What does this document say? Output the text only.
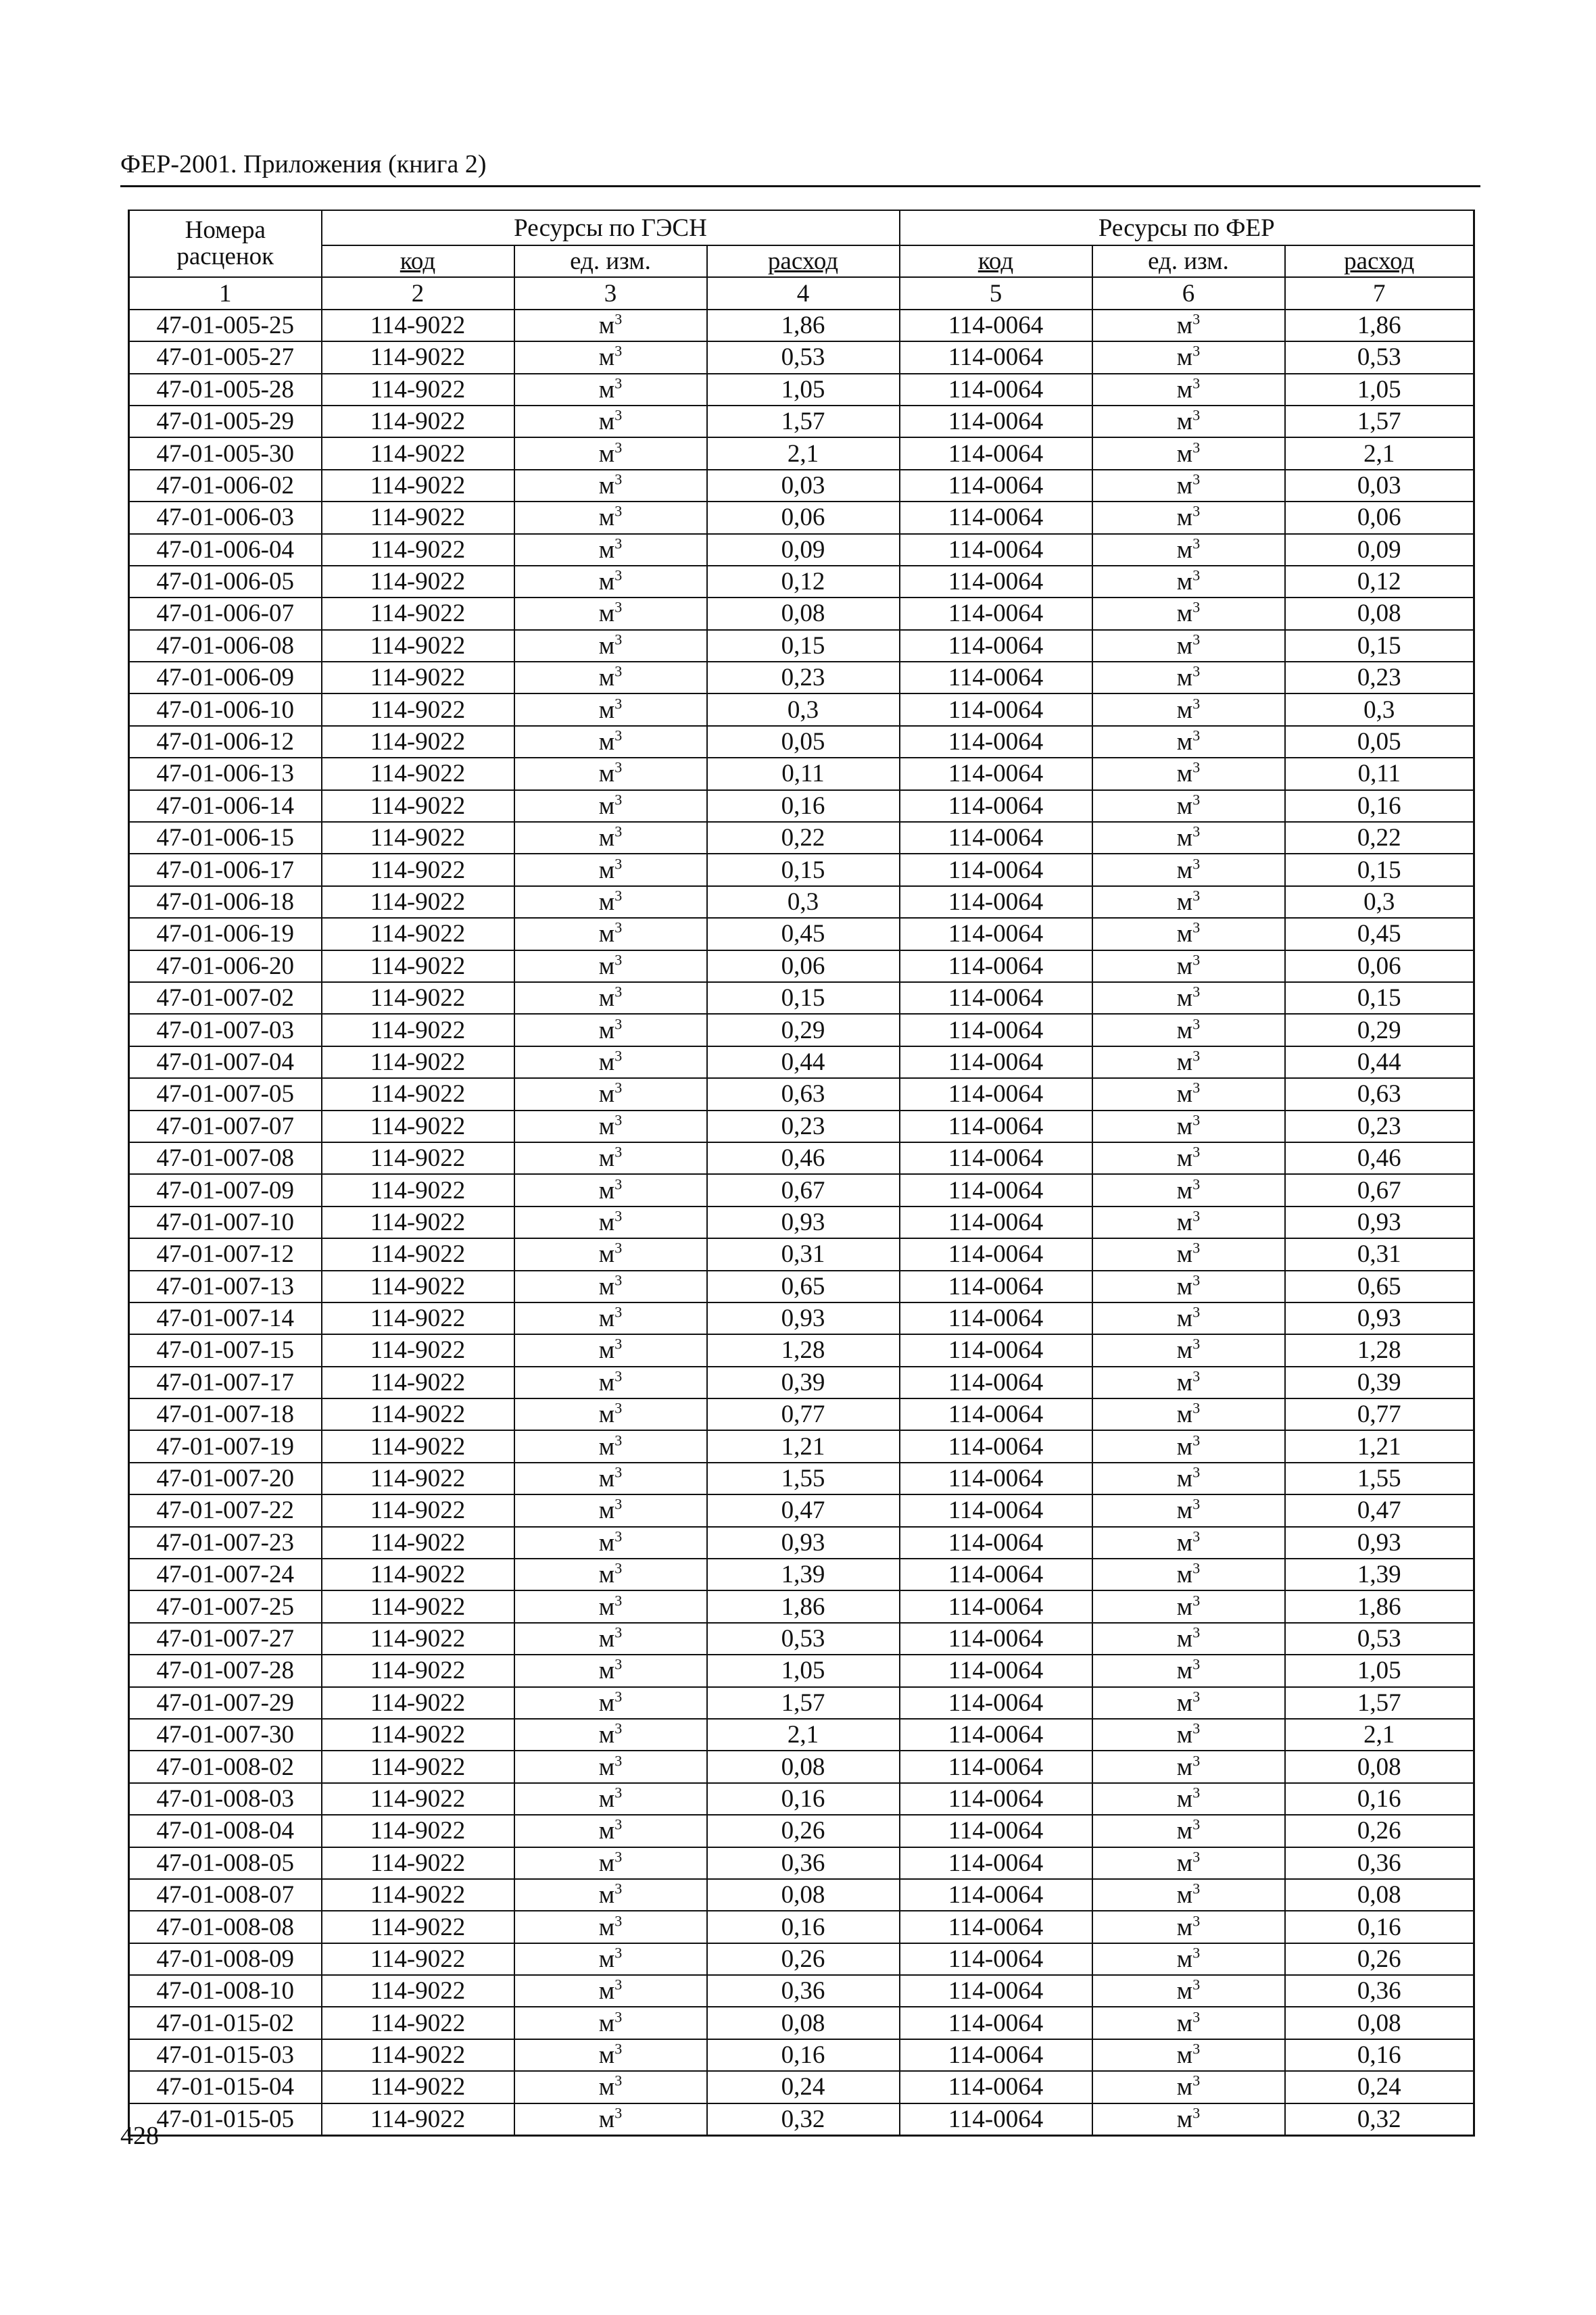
ФЕР-2001. Приложения (книга 2)
Номера расценок	Ресурсы по ГЭСН			Ресурсы по ФЕР		
	код	ед. изм.	расход	код	ед. изм.	расход
1	2	3	4	5	6	7
47-01-005-25	114-9022	$м^3$	1,86	114-0064	$м^3$	1,86
47-01-005-27	114-9022	$м^3$	0,53	114-0064	$м^3$	0,53
47-01-005-28	114-9022	$м^3$	1,05	114-0064	$м^3$	1,05
47-01-005-29	114-9022	$м^3$	1,57	114-0064	$м^3$	1,57
47-01-005-30	114-9022	$м^3$	2,1	114-0064	$м^3$	2,1
47-01-006-02	114-9022	$м^3$	0,03	114-0064	$м^3$	0,03
47-01-006-03	114-9022	$м^3$	0,06	114-0064	$м^3$	0,06
47-01-006-04	114-9022	$м^3$	0,09	114-0064	$м^3$	0,09
47-01-006-05	114-9022	$м^3$	0,12	114-0064	$м^3$	0,12
47-01-006-07	114-9022	$м^3$	0,08	114-0064	$м^3$	0,08
47-01-006-08	114-9022	$м^3$	0,15	114-0064	$м^3$	0,15
47-01-006-09	114-9022	$м^3$	0,23	114-0064	$м^3$	0,23
47-01-006-10	114-9022	$м^3$	0,3	114-0064	$м^3$	0,3
47-01-006-12	114-9022	$м^3$	0,05	114-0064	$м^3$	0,05
47-01-006-13	114-9022	$м^3$	0,11	114-0064	$м^3$	0,11
47-01-006-14	114-9022	$м^3$	0,16	114-0064	$м^3$	0,16
47-01-006-15	114-9022	$м^3$	0,22	114-0064	$м^3$	0,22
47-01-006-17	114-9022	$м^3$	0,15	114-0064	$м^3$	0,15
47-01-006-18	114-9022	$м^3$	0,3	114-0064	$м^3$	0,3
47-01-006-19	114-9022	$м^3$	0,45	114-0064	$м^3$	0,45
47-01-006-20	114-9022	$м^3$	0,06	114-0064	$м^3$	0,06
47-01-007-02	114-9022	$м^3$	0,15	114-0064	$м^3$	0,15
47-01-007-03	114-9022	$м^3$	0,29	114-0064	$м^3$	0,29
47-01-007-04	114-9022	$м^3$	0,44	114-0064	$м^3$	0,44
47-01-007-05	114-9022	$м^3$	0,63	114-0064	$м^3$	0,63
47-01-007-07	114-9022	$м^3$	0,23	114-0064	$м^3$	0,23
47-01-007-08	114-9022	$м^3$	0,46	114-0064	$м^3$	0,46
47-01-007-09	114-9022	$м^3$	0,67	114-0064	$м^3$	0,67
47-01-007-10	114-9022	$м^3$	0,93	114-0064	$м^3$	0,93
47-01-007-12	114-9022	$м^3$	0,31	114-0064	$м^3$	0,31
47-01-007-13	114-9022	$м^3$	0,65	114-0064	$м^3$	0,65
47-01-007-14	114-9022	$м^3$	0,93	114-0064	$м^3$	0,93
47-01-007-15	114-9022	$м^3$	1,28	114-0064	$м^3$	1,28
47-01-007-17	114-9022	$м^3$	0,39	114-0064	$м^3$	0,39
47-01-007-18	114-9022	$м^3$	0,77	114-0064	$м^3$	0,77
47-01-007-19	114-9022	$м^3$	1,21	114-0064	$м^3$	1,21
47-01-007-20	114-9022	$м^3$	1,55	114-0064	$м^3$	1,55
47-01-007-22	114-9022	$м^3$	0,47	114-0064	$м^3$	0,47
47-01-007-23	114-9022	$м^3$	0,93	114-0064	$м^3$	0,93
47-01-007-24	114-9022	$м^3$	1,39	114-0064	$м^3$	1,39
47-01-007-25	114-9022	$м^3$	1,86	114-0064	$м^3$	1,86
47-01-007-27	114-9022	$м^3$	0,53	114-0064	$м^3$	0,53
47-01-007-28	114-9022	$м^3$	1,05	114-0064	$м^3$	1,05
47-01-007-29	114-9022	$м^3$	1,57	114-0064	$м^3$	1,57
47-01-007-30	114-9022	$м^3$	2,1	114-0064	$м^3$	2,1
47-01-008-02	114-9022	$м^3$	0,08	114-0064	$м^3$	0,08
47-01-008-03	114-9022	$м^3$	0,16	114-0064	$м^3$	0,16
47-01-008-04	114-9022	$м^3$	0,26	114-0064	$м^3$	0,26
47-01-008-05	114-9022	$м^3$	0,36	114-0064	$м^3$	0,36
47-01-008-07	114-9022	$м^3$	0,08	114-0064	$м^3$	0,08
47-01-008-08	114-9022	$м^3$	0,16	114-0064	$м^3$	0,16
47-01-008-09	114-9022	$м^3$	0,26	114-0064	$м^3$	0,26
47-01-008-10	114-9022	$м^3$	0,36	114-0064	$м^3$	0,36
47-01-015-02	114-9022	$м^3$	0,08	114-0064	$м^3$	0,08
47-01-015-03	114-9022	$м^3$	0,16	114-0064	$м^3$	0,16
47-01-015-04	114-9022	$м^3$	0,24	114-0064	$м^3$	0,24
47-01-015-05	114-9022	$м^3$	0,32	114-0064	$м^3$	0,32
428
